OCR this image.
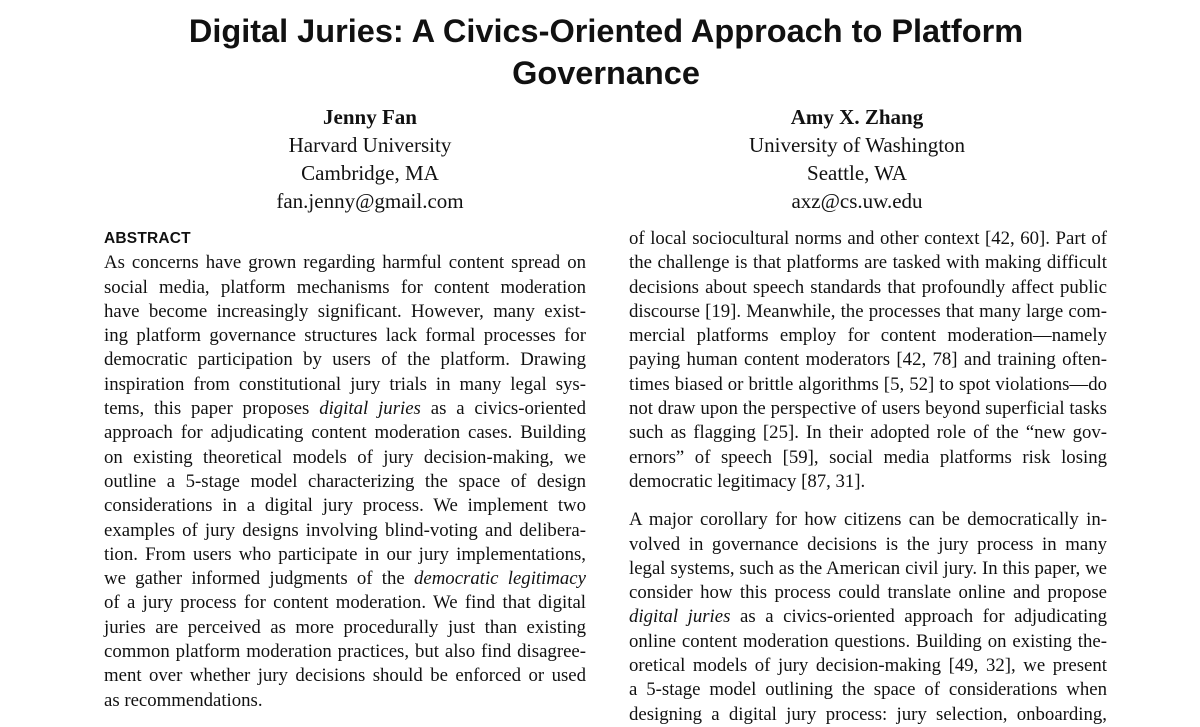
Digital Juries: A Civics-Oriented Approach to Platform
Governance
Jenny Fan
Harvard University
Cambridge, MA
fan.jenny@gmail.com
Amy X. Zhang
University of Washington
Seattle, WA
axz@cs.uw.edu
ABSTRACT
As concerns have grown regarding harmful content spread on
social media, platform mechanisms for content moderation
have become increasingly significant. However, many exist-
ing platform governance structures lack formal processes for
democratic participation by users of the platform. Drawing
inspiration from constitutional jury trials in many legal sys-
tems, this paper proposes digital juries as a civics-oriented
approach for adjudicating content moderation cases. Building
on existing theoretical models of jury decision-making, we
outline a 5-stage model characterizing the space of design
considerations in a digital jury process. We implement two
examples of jury designs involving blind-voting and delibera-
tion. From users who participate in our jury implementations,
we gather informed judgments of the democratic legitimacy
of a jury process for content moderation. We find that digital
juries are perceived as more procedurally just than existing
common platform moderation practices, but also find disagree-
ment over whether jury decisions should be enforced or used
as recommendations.
of local sociocultural norms and other context [42, 60]. Part of
the challenge is that platforms are tasked with making difficult
decisions about speech standards that profoundly affect public
discourse [19]. Meanwhile, the processes that many large com-
mercial platforms employ for content moderation—namely
paying human content moderators [42, 78] and training often-
times biased or brittle algorithms [5, 52] to spot violations—do
not draw upon the perspective of users beyond superficial tasks
such as flagging [25]. In their adopted role of the “new gov-
ernors” of speech [59], social media platforms risk losing
democratic legitimacy [87, 31].
A major corollary for how citizens can be democratically in-
volved in governance decisions is the jury process in many
legal systems, such as the American civil jury. In this paper, we
consider how this process could translate online and propose
digital juries as a civics-oriented approach for adjudicating
online content moderation questions. Building on existing the-
oretical models of jury decision-making [49, 32], we present
a 5-stage model outlining the space of considerations when
designing a digital jury process: jury selection, onboarding,
